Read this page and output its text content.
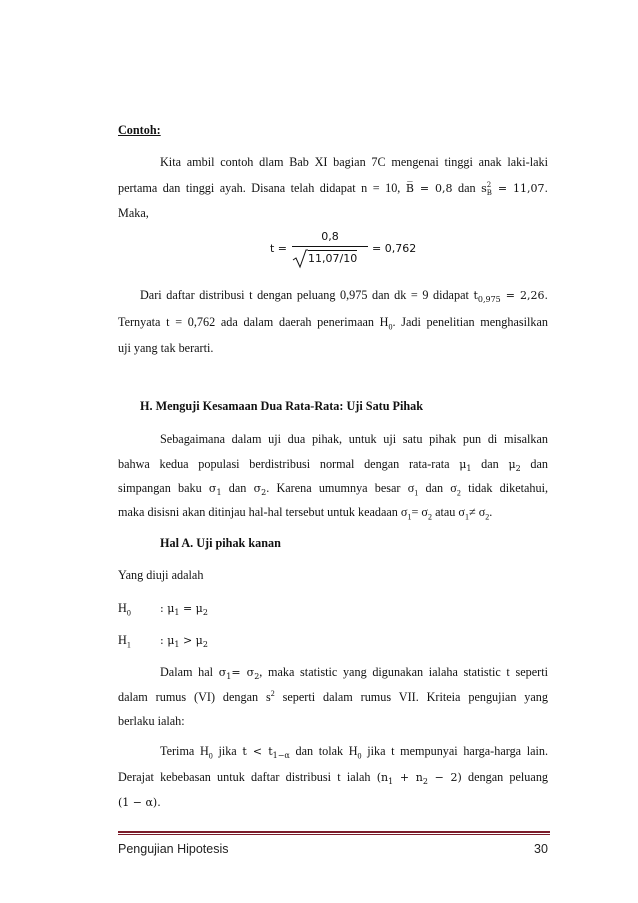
Contoh:
Kita ambil contoh dlam Bab XI bagian 7C mengenai tinggi anak laki-laki
pertama dan tinggi ayah. Disana telah didapat n = 10, B̅ = 0,8 dan s 2
B = 11,07.
Maka,
t =
0,8
11,07/10
= 0,762
Dari daftar distribusi t dengan peluang 0,975 dan dk = 9 didapat $t_{0,975} = 2,26$.
Ternyata t = 0,762 ada dalam daerah penerimaan $H_0$. Jadi penelitian menghasilkan
uji yang tak berarti.
H. Menguji Kesamaan Dua Rata-Rata: Uji Satu Pihak
Sebagaimana dalam uji dua pihak, untuk uji satu pihak pun di misalkan
bahwa kedua populasi berdistribusi normal dengan rata-rata $\mu_1$ dan $\mu_2$ dan
simpangan baku $\sigma_1$ dan $\sigma_2$. Karena umumnya besar $\sigma_1$ dan $\sigma_2$ tidak diketahui,
maka disisni akan ditinjau hal-hal tersebut untuk keadaan $\sigma_1= \sigma_2$ atau $\sigma_1\ne \sigma_2$.
Hal A. Uji pihak kanan
Yang diuji adalah
$H_0$	: $\mu_1 = \mu_2$
$H_1$	: $\mu_1 > \mu_2$
Dalam hal $\sigma_1= \sigma_2$, maka statistic yang digunakan ialaha statistic t seperti
dalam rumus (VI) dengan $s^2$ seperti dalam rumus VII. Kriteia pengujian yang
berlaku ialah:
Terima $H_0$ jika $t < t_{1-\alpha}$ dan tolak $H_0$ jika t mempunyai harga-harga lain.
Derajat kebebasan untuk daftar distribusi t ialah $(n_1 + n_2 - 2)$ dengan peluang
(1 − α).
Pengujian Hipotesis	30
